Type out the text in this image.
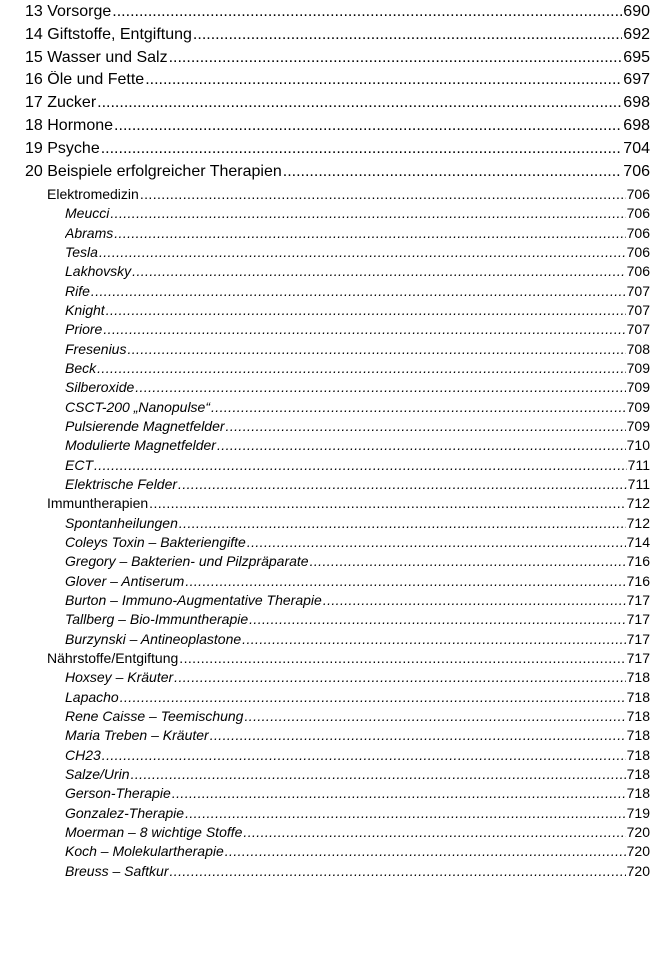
13 Vorsorge .....	690
14 Giftstoffe, Entgiftung .....	692
15 Wasser und Salz .....	695
16 Öle und Fette .....	697
17 Zucker .....	698
18 Hormone .....	698
19 Psyche .....	704
20 Beispiele erfolgreicher Therapien .....	706
Elektromedizin .....	706
Meucci .....	706
Abrams .....	706
Tesla .....	706
Lakhovsky .....	706
Rife .....	707
Knight .....	707
Priore .....	707
Fresenius .....	708
Beck .....	709
Silberoxide .....	709
CSCT-200 „Nanopulse“ .....	709
Pulsierende Magnetfelder .....	709
Modulierte Magnetfelder .....	710
ECT .....	711
Elektrische Felder .....	711
Immuntherapien .....	712
Spontanheilungen .....	712
Coleys Toxin – Bakteriengifte .....	714
Gregory – Bakterien- und Pilzpräparate .....	716
Glover – Antiserum .....	716
Burton – Immuno-Augmentative Therapie .....	717
Tallberg – Bio-Immuntherapie .....	717
Burzynski – Antineoplastone .....	717
Nährstoffe/Entgiftung .....	717
Hoxsey – Kräuter .....	718
Lapacho .....	718
Rene Caisse – Teemischung .....	718
Maria Treben – Kräuter .....	718
CH23 .....	718
Salze/Urin .....	718
Gerson-Therapie .....	718
Gonzalez-Therapie .....	719
Moerman – 8 wichtige Stoffe .....	720
Koch – Molekulartherapie .....	720
Breuss – Saftkur .....	720
